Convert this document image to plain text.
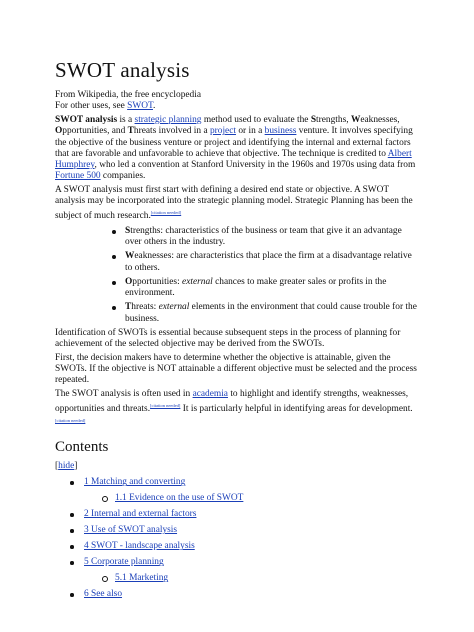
SWOT analysis
From Wikipedia, the free encyclopedia
For other uses, see SWOT.

SWOT analysis is a strategic planning method used to evaluate the Strengths, Weaknesses, Opportunities, and Threats involved in a project or in a business venture. It involves specifying the objective of the business venture or project and identifying the internal and external factors that are favorable and unfavorable to achieve that objective. The technique is credited to Albert Humphrey, who led a convention at Stanford University in the 1960s and 1970s using data from Fortune 500 companies.

A SWOT analysis must first start with defining a desired end state or objective. A SWOT analysis may be incorporated into the strategic planning model. Strategic Planning has been the subject of much research.[citation needed]

Strengths: characteristics of the business or team that give it an advantage over others in the industry.
Weaknesses: are characteristics that place the firm at a disadvantage relative to others.
Opportunities: external chances to make greater sales or profits in the environment.
Threats: external elements in the environment that could cause trouble for the business.

Identification of SWOTs is essential because subsequent steps in the process of planning for achievement of the selected objective may be derived from the SWOTs.

First, the decision makers have to determine whether the objective is attainable, given the SWOTs. If the objective is NOT attainable a different objective must be selected and the process repeated.

The SWOT analysis is often used in academia to highlight and identify strengths, weaknesses, opportunities and threats.[citation needed] It is particularly helpful in identifying areas for development.[citation needed]

Contents
[hide]
1 Matching and converting
1.1 Evidence on the use of SWOT
2 Internal and external factors
3 Use of SWOT analysis
4 SWOT - landscape analysis
5 Corporate planning
5.1 Marketing
6 See also
